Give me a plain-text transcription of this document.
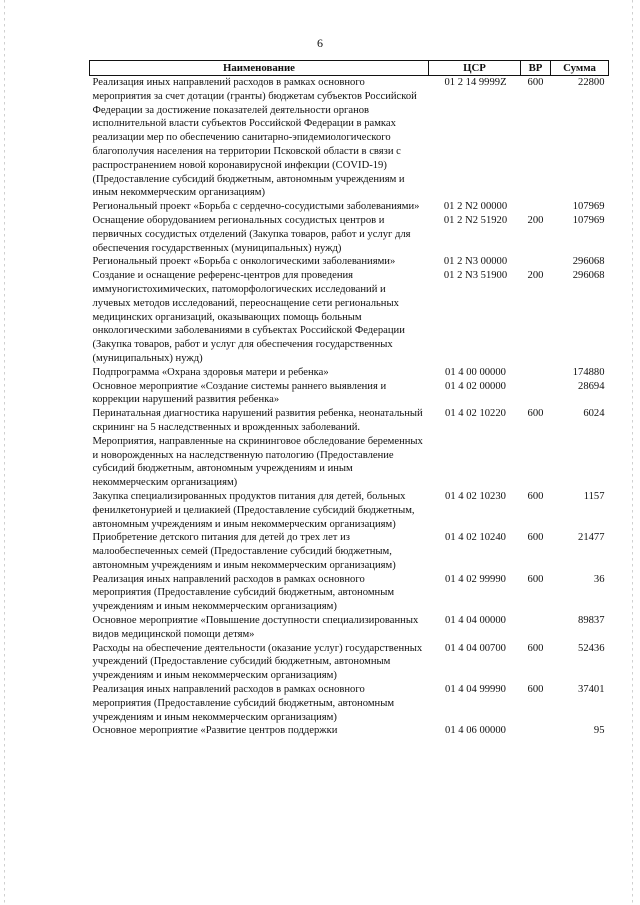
6
Наименование	ЦСР	ВР	Сумма
Реализация иных направлений расходов в рамках основного мероприятия за счет дотации (гранты) бюджетам субъектов Российской Федерации за достижение показателей деятельности органов исполнительной власти субъектов Российской Федерации в рамках реализации мер по обеспечению санитарно-эпидемиологического благополучия населения на территории Псковской области в связи с распространением новой коронавирусной инфекции (COVID-19) (Предоставление субсидий бюджетным, автономным учреждениям и иным некоммерческим организациям)	01 2 14 9999Z	600	22800
Региональный проект «Борьба с сердечно-сосудистыми заболеваниями»	01 2 N2 00000		107969
Оснащение оборудованием региональных сосудистых центров и первичных сосудистых отделений (Закупка товаров, работ и услуг для обеспечения государственных (муниципальных) нужд)	01 2 N2 51920	200	107969
Региональный проект «Борьба с онкологическими заболеваниями»	01 2 N3 00000		296068
Создание и оснащение референс-центров для проведения иммуногистохимических, патоморфологических исследований и лучевых методов исследований, переоснащение сети региональных медицинских организаций, оказывающих помощь больным онкологическими заболеваниями в субъектах Российской Федерации (Закупка товаров, работ и услуг для обеспечения государственных (муниципальных) нужд)	01 2 N3 51900	200	296068
Подпрограмма «Охрана здоровья матери и ребенка»	01 4 00 00000		174880
Основное мероприятие «Создание системы раннего выявления и коррекции нарушений развития ребенка»	01 4 02 00000		28694
Перинатальная диагностика нарушений развития ребенка, неонатальный скрининг на 5 наследственных и врожденных заболеваний. Мероприятия, направленные на скрининговое обследование беременных и новорожденных на наследственную патологию (Предоставление субсидий бюджетным, автономным учреждениям и иным некоммерческим организациям)	01 4 02 10220	600	6024
Закупка специализированных продуктов питания для детей, больных фенилкетонурией и целиакией (Предоставление субсидий бюджетным, автономным учреждениям и иным некоммерческим организациям)	01 4 02 10230	600	1157
Приобретение детского питания для детей до трех лет из малообеспеченных семей (Предоставление субсидий бюджетным, автономным учреждениям и иным некоммерческим организациям)	01 4 02 10240	600	21477
Реализация иных направлений расходов в рамках основного мероприятия (Предоставление субсидий бюджетным, автономным учреждениям и иным некоммерческим организациям)	01 4 02 99990	600	36
Основное мероприятие «Повышение доступности специализированных видов медицинской помощи детям»	01 4 04 00000		89837
Расходы на обеспечение деятельности (оказание услуг) государственных учреждений (Предоставление субсидий бюджетным, автономным учреждениям и иным некоммерческим организациям)	01 4 04 00700	600	52436
Реализация иных направлений расходов в рамках основного мероприятия (Предоставление субсидий бюджетным, автономным учреждениям и иным некоммерческим организациям)	01 4 04 99990	600	37401
Основное мероприятие «Развитие центров поддержки	01 4 06 00000		95
